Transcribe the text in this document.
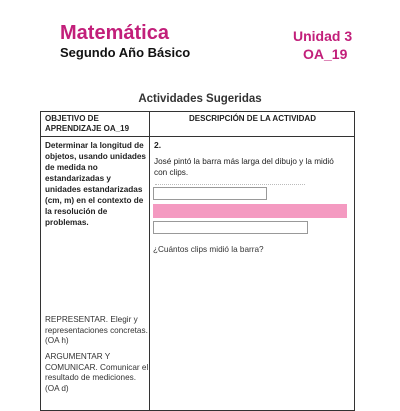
Matemática
Segundo Año Básico
Unidad 3
OA_19
Actividades Sugeridas
OBJETIVO DE APRENDIZAJE OA_19
DESCRIPCIÓN DE LA ACTIVIDAD
Determinar la longitud de objetos, usando unidades de medida no estandarizadas y unidades estandarizadas (cm, m) en el contexto de la resolución de problemas.
REPRESENTAR. Elegir y representaciones concretas. (OA h)
ARGUMENTAR Y COMUNICAR. Comunicar el resultado de mediciones. (OA d)
2.
José pintó la barra más larga del dibujo y la midió con clips.
¿Cuántos clips midió la barra?
